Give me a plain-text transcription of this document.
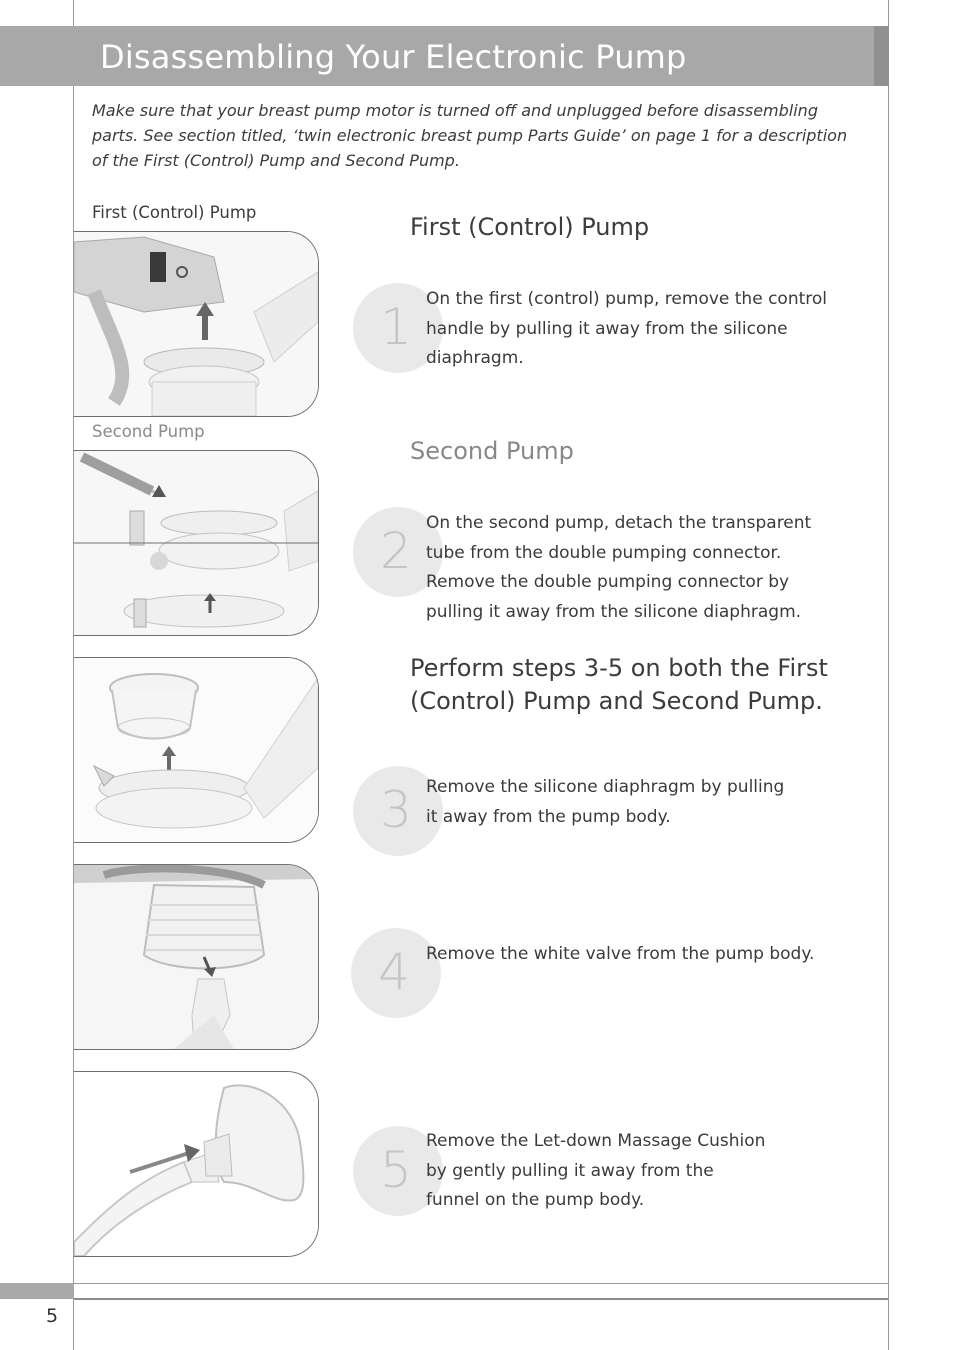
Disassembling Your Electronic Pump
Make sure that your breast pump motor is turned off and unplugged before disassembling parts. See section titled, ‘twin electronic breast pump Parts Guide’ on page 1 for a description of the First (Control) Pump and Second Pump.
First (Control) Pump
Second Pump
First (Control) Pump
Second Pump
Perform steps 3-5 on both the First (Control) Pump and Second Pump.
1 On the first (control) pump, remove the control handle by pulling it away from the silicone diaphragm.
2 On the second pump, detach the transparent tube from the double pumping connector. Remove the double pumping connector by pulling it away from the silicone diaphragm.
3 Remove the silicone diaphragm by pulling it away from the pump body.
4 Remove the white valve from the pump body.
5 Remove the Let-down Massage Cushion by gently pulling it away from the funnel on the pump body.
5
